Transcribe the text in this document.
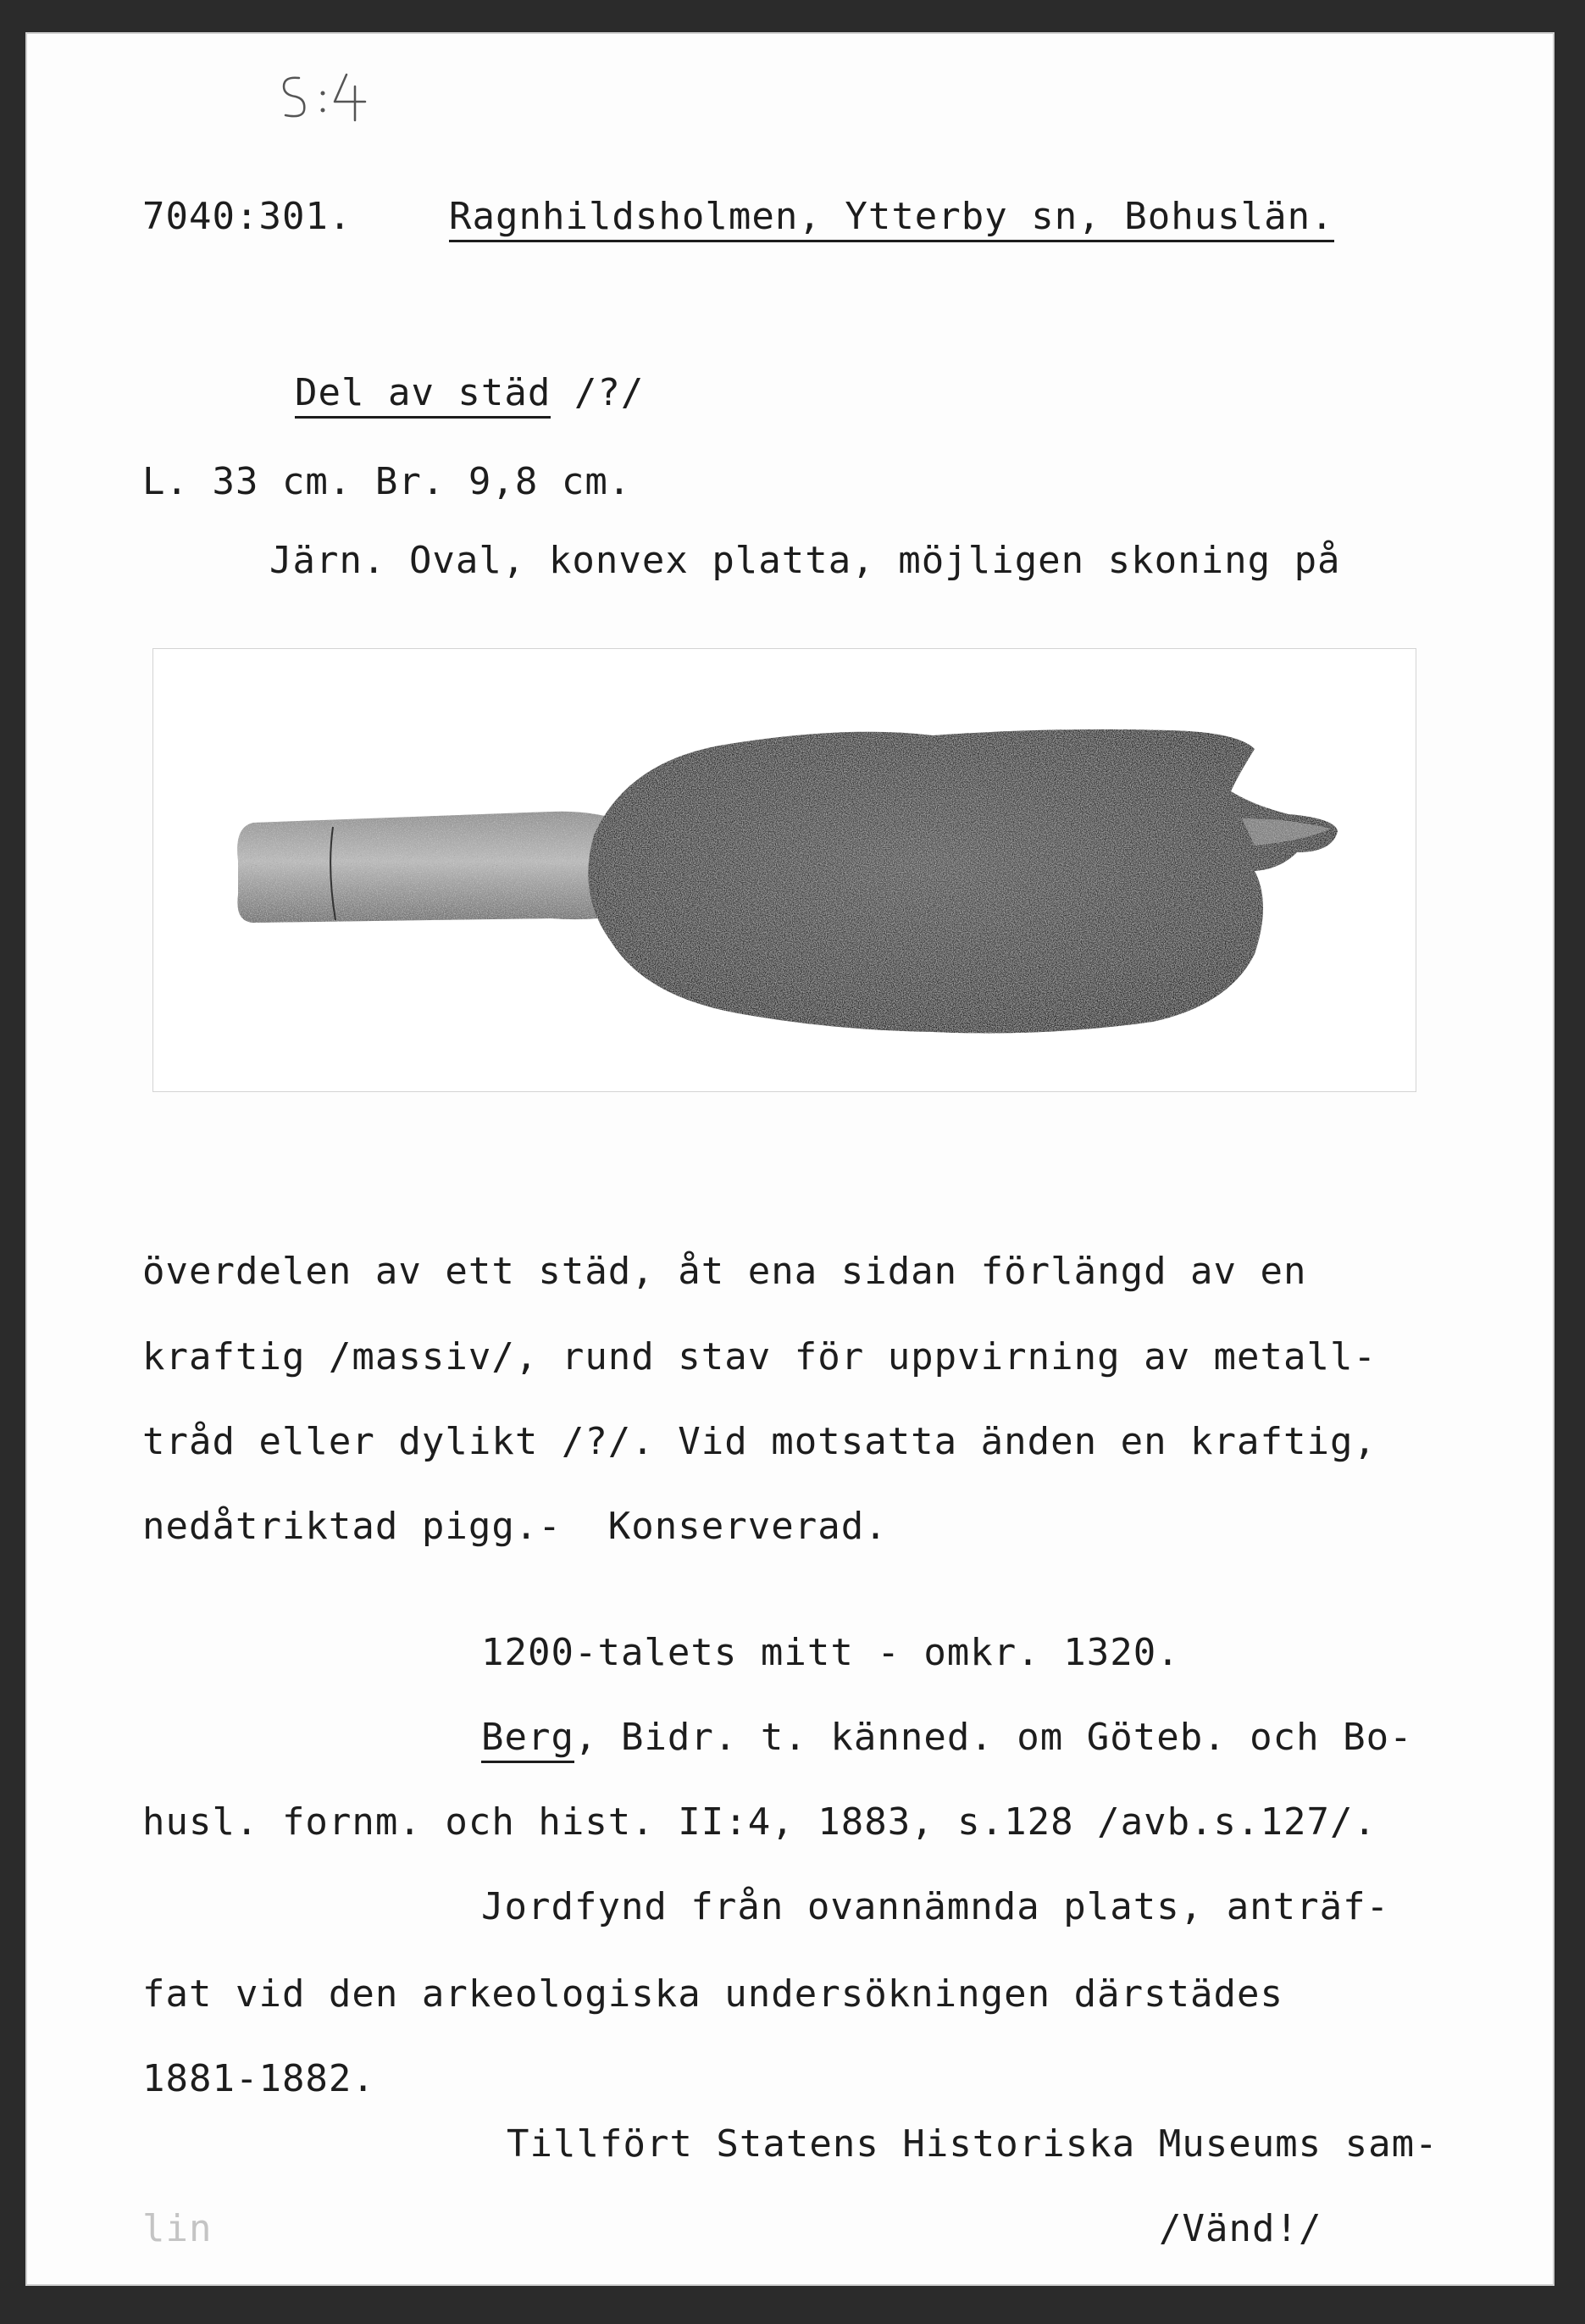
7040:301.	Ragnhildsholmen, Ytterby sn, Bohuslän.

Del av städ /?/

L. 33 cm. Br. 9,8 cm.

Järn. Oval, konvex platta, möjligen skoning på

överdelen av ett städ, åt ena sidan förlängd av en

kraftig /massiv/, rund stav för uppvirning av metall-

tråd eller dylikt /?/. Vid motsatta änden en kraftig,

nedåtriktad pigg.-  Konserverad.

1200-talets mitt - omkr. 1320.

Berg, Bidr. t. känned. om Göteb. och Bo-

husl. fornm. och hist. II:4, 1883, s.128 /avb.s.127/.

Jordfynd från ovannämnda plats, anträf-

fat vid den arkeologiska undersökningen därstädes

1881-1882.

Tillfört Statens Historiska Museums sam-

lin	/Vänd!/
